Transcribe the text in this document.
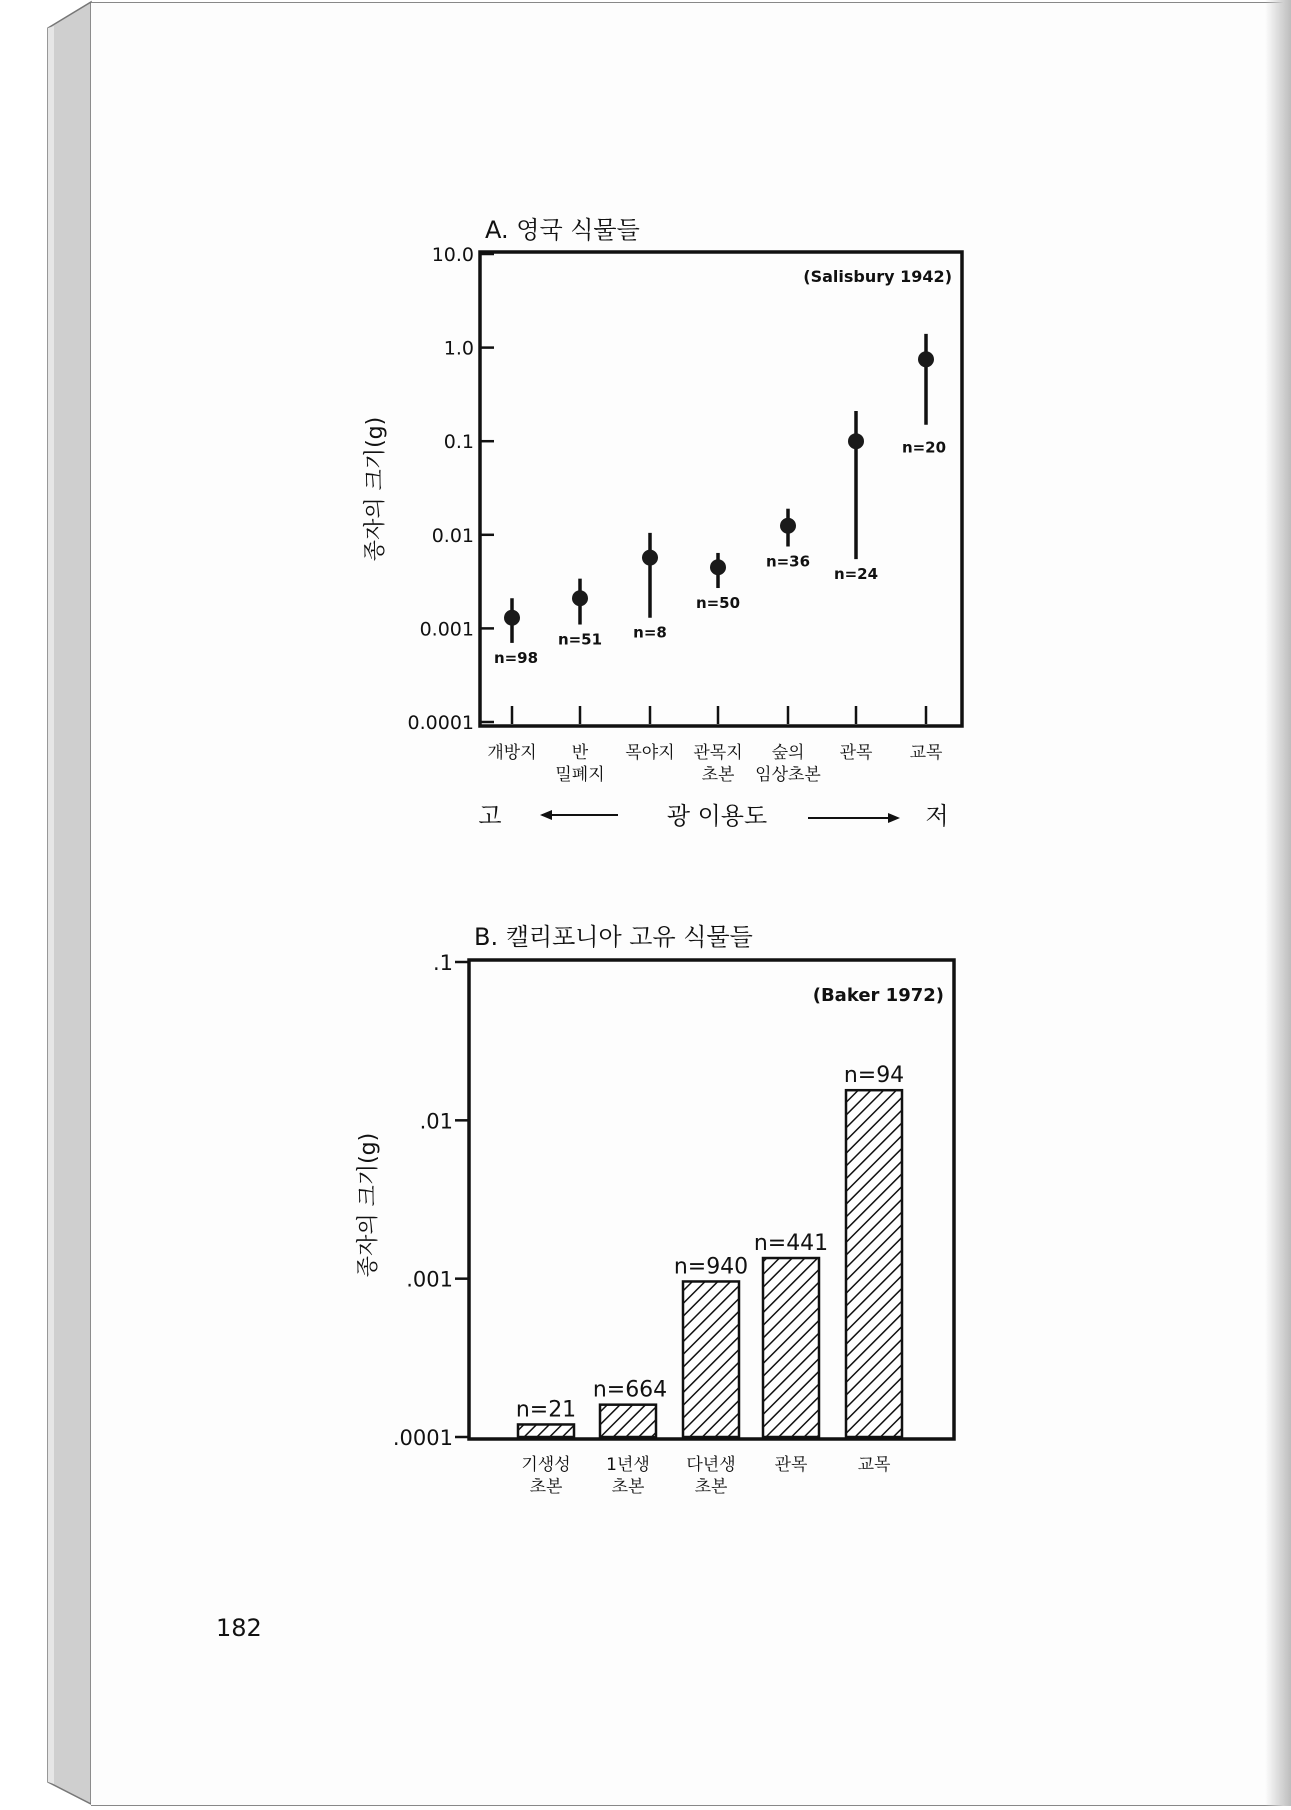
A. 영국 식물들
(Salisbury 1942)
종자의 크기(g)
10.0
1.0
0.1
0.01
0.001
0.0001
n=98
n=51 n=8
n=50
n=36
n=24
n=20
개방지 반
밀폐지
목야지 관목지
초본
숲의
임상초본
관목 교목
고	광 이용도	저
B. 캘리포니아 고유 식물들
(Baker 1972)
종자의 크기(g)
.1
.01
.001
.0001
n=21
n=664
n=940
n=441
n=94
기생성
초본
1년생
초본
다년생
초본
관목	교목
182
